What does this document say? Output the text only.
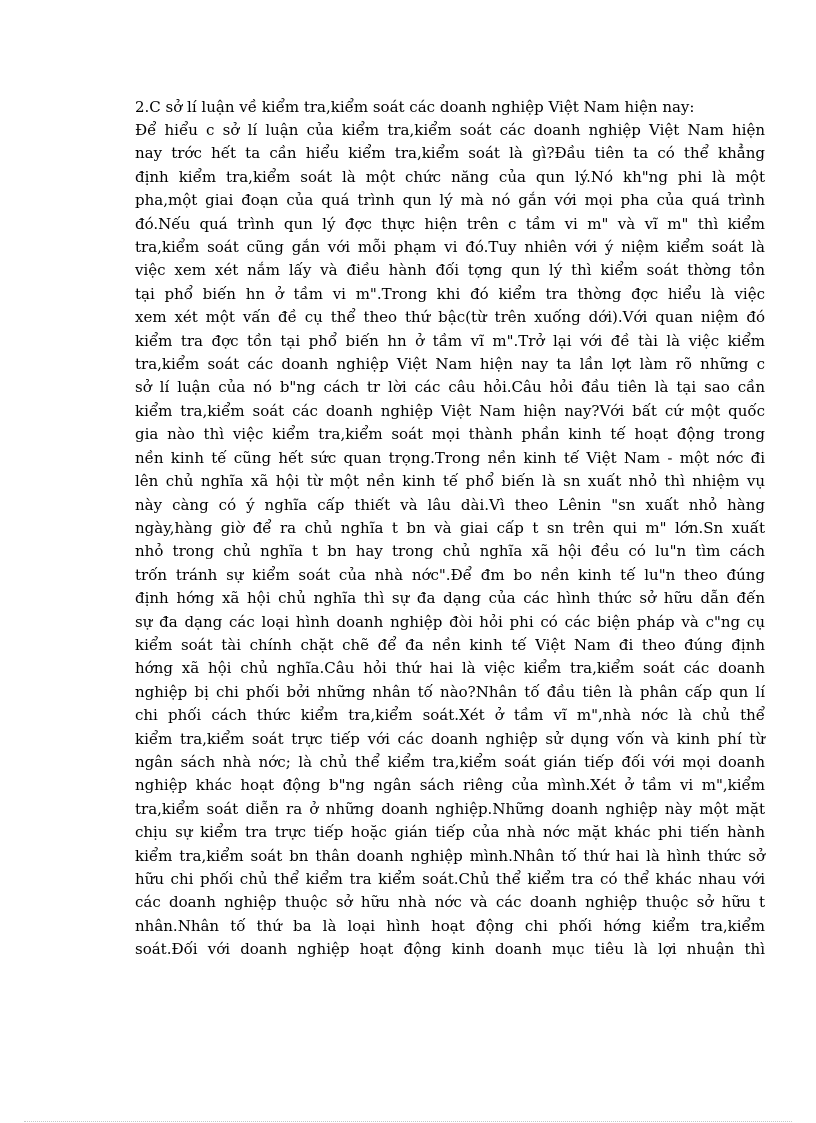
2.C sở lí luận về kiểm tra,kiểm soát các doanh nghiệp Việt Nam hiện nay:

Để hiểu c sở lí luận của kiểm tra,kiểm soát các doanh nghiệp Việt Nam hiện

nay trớc hết ta cần hiểu kiểm tra,kiểm soát là gì?Đầu tiên ta có thể khẳng

định kiểm tra,kiểm soát là một chức năng của qun lý.Nó kh"ng phi là một

pha,một giai đoạn của quá trình qun lý mà nó gắn với mọi pha của quá trình

đó.Nếu quá trình qun lý đợc thực hiện trên c tầm vi m" và vĩ m" thì kiểm

tra,kiểm soát cũng gắn với mỗi phạm vi đó.Tuy nhiên với ý niệm kiểm soát là

việc xem xét nắm lấy và điều hành đối tợng qun lý thì kiểm soát thờng tồn

tại phổ biến hn ở tầm vi m".Trong khi đó kiểm tra thờng đợc hiểu là việc

xem xét một vấn đề cụ thể theo thứ bậc(từ trên xuống dới).Với quan niệm đó

kiểm tra đợc tồn tại phổ biến hn ở tầm vĩ m".Trở lại với đề tài là việc kiểm

tra,kiểm soát các doanh nghiệp Việt Nam hiện nay ta lần lợt làm rõ những c

sở lí luận của nó b"ng cách tr lời các câu hỏi.Câu hỏi đầu tiên là tại sao cần

kiểm tra,kiểm soát các doanh nghiệp Việt Nam hiện nay?Với bất cứ một quốc

gia nào thì việc kiểm tra,kiểm soát mọi thành phần kinh tế hoạt động trong

nền kinh tế cũng hết sức quan trọng.Trong nền kinh tế Việt Nam - một nớc đi

lên chủ nghĩa xã hội từ một nền kinh tế phổ biến là sn xuất nhỏ thì nhiệm vụ

này càng có ý nghĩa cấp thiết và lâu dài.Vì theo Lênin "sn xuất nhỏ hàng

ngày,hàng giờ để ra chủ nghĩa t bn và giai cấp t sn trên qui m" lớn.Sn xuất

nhỏ trong chủ nghĩa t bn hay trong chủ nghĩa xã hội đều có lu"n tìm cách

trốn tránh sự kiểm soát của nhà nớc".Để đm bo nền kinh tế lu"n theo đúng

định hớng xã hội chủ nghĩa thì sự đa dạng của các hình thức sở hữu dẫn đến

sự đa dạng các loại hình doanh nghiệp đòi hỏi phi có các biện pháp và c"ng cụ

kiểm soát tài chính chặt chẽ để đa nền kinh tế Việt Nam đi theo đúng định

hớng xã hội chủ nghĩa.Câu hỏi thứ hai là việc kiểm tra,kiểm soát các doanh

nghiệp bị chi phối bởi những nhân tố nào?Nhân tố đầu tiên là phân cấp qun lí

chi phối cách thức kiểm tra,kiểm soát.Xét ở tầm vĩ m",nhà nớc là chủ thể

kiểm tra,kiểm soát trực tiếp với các doanh nghiệp sử dụng vốn và kinh phí từ

ngân sách nhà nớc; là chủ thể kiểm tra,kiểm soát gián tiếp đối với mọi doanh

nghiệp khác hoạt động b"ng ngân sách riêng của mình.Xét ở tầm vi m",kiểm

tra,kiểm soát diễn ra ở những doanh nghiệp.Những doanh nghiệp này một mặt

chịu sự kiểm tra trực tiếp hoặc gián tiếp của nhà nớc mặt khác phi tiến hành

kiểm tra,kiểm soát bn thân doanh nghiệp mình.Nhân tố thứ hai là hình thức sở

hữu chi phối chủ thể kiểm tra kiểm soát.Chủ thể kiểm tra có thể khác nhau với

các doanh nghiệp thuộc sở hữu nhà nớc và các doanh nghiệp thuộc sở hữu t

nhân.Nhân tố thứ ba là loại hình hoạt động chi phối hớng kiểm tra,kiểm

soát.Đối với doanh nghiệp hoạt động kinh doanh mục tiêu là lợi nhuận thì
